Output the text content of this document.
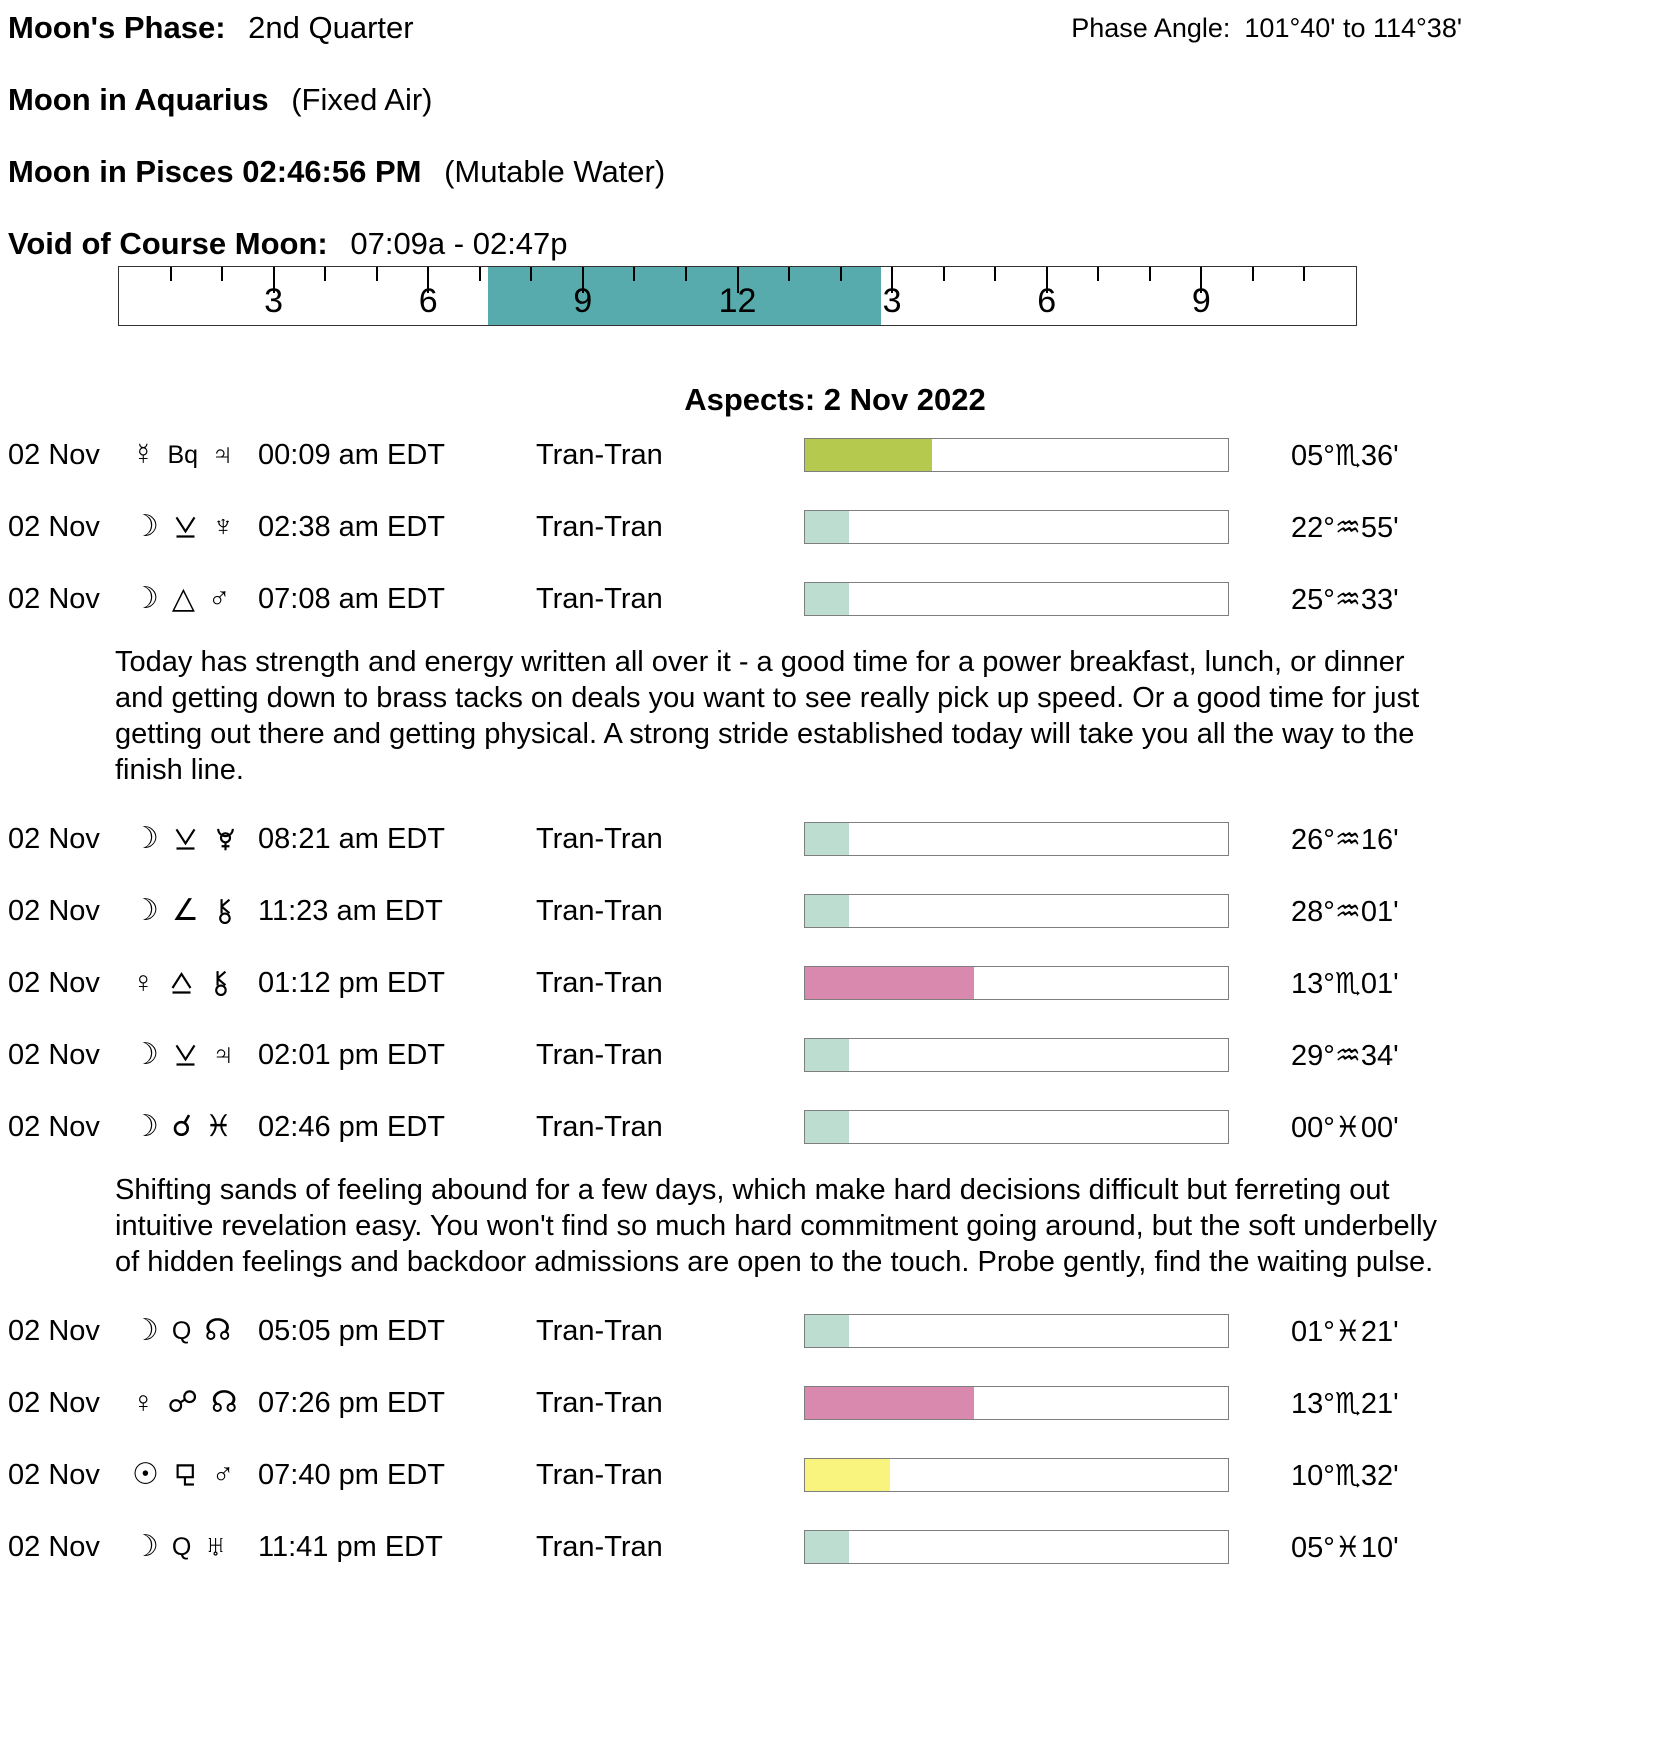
Moon's Phase: 2nd Quarter	Phase Angle: 101°40' to 114°38'
Moon in Aquarius (Fixed Air)
Moon in Pisces 02:46:56 PM (Mutable Water)
Void of Course Moon: 07:09a - 02:47p
3	6	9	12	3	6	9
Aspects: 2 Nov 2022
02 Nov	☿ Bq ♃ 00:09 am EDT	Tran-Tran	05°♏36'
02 Nov	☽ ♆ 02:38 am EDT	Tran-Tran	22°♒55'
02 Nov	☽ △ ♂ 07:08 am EDT	Tran-Tran	25°♒33'
Today has strength and energy written all over it - a good time for a power breakfast, lunch, or dinner and getting down to brass tacks on deals you want to see really pick up speed. Or a good time for just getting out there and getting physical. A strong stride established today will take you all the way to the finish line.
02 Nov	☽	08:21 am EDT	Tran-Tran	26°♒16'
02 Nov	☽ ∠ 11:23 am EDT	Tran-Tran	28°♒01'
02 Nov	♀	01:12 pm EDT	Tran-Tran	13°♏01'
02 Nov	☽ ♃ 02:01 pm EDT	Tran-Tran	29°♒34'
02 Nov	☽ ☌ ♓ 02:46 pm EDT	Tran-Tran	00°♓00'
Shifting sands of feeling abound for a few days, which make hard decisions difficult but ferreting out intuitive revelation easy. You won't find so much hard commitment going around, but the soft underbelly of hidden feelings and backdoor admissions are open to the touch. Probe gently, find the waiting pulse.
02 Nov	☽ Q ☊ 05:05 pm EDT	Tran-Tran	01°♓21'
02 Nov	♀ ☍ ☊ 07:26 pm EDT	Tran-Tran	13°♏21'
02 Nov	☉ ♂ 07:40 pm EDT	Tran-Tran	10°♏32'
02 Nov	☽ Q ♅ 11:41 pm EDT	Tran-Tran	05°♓10'
